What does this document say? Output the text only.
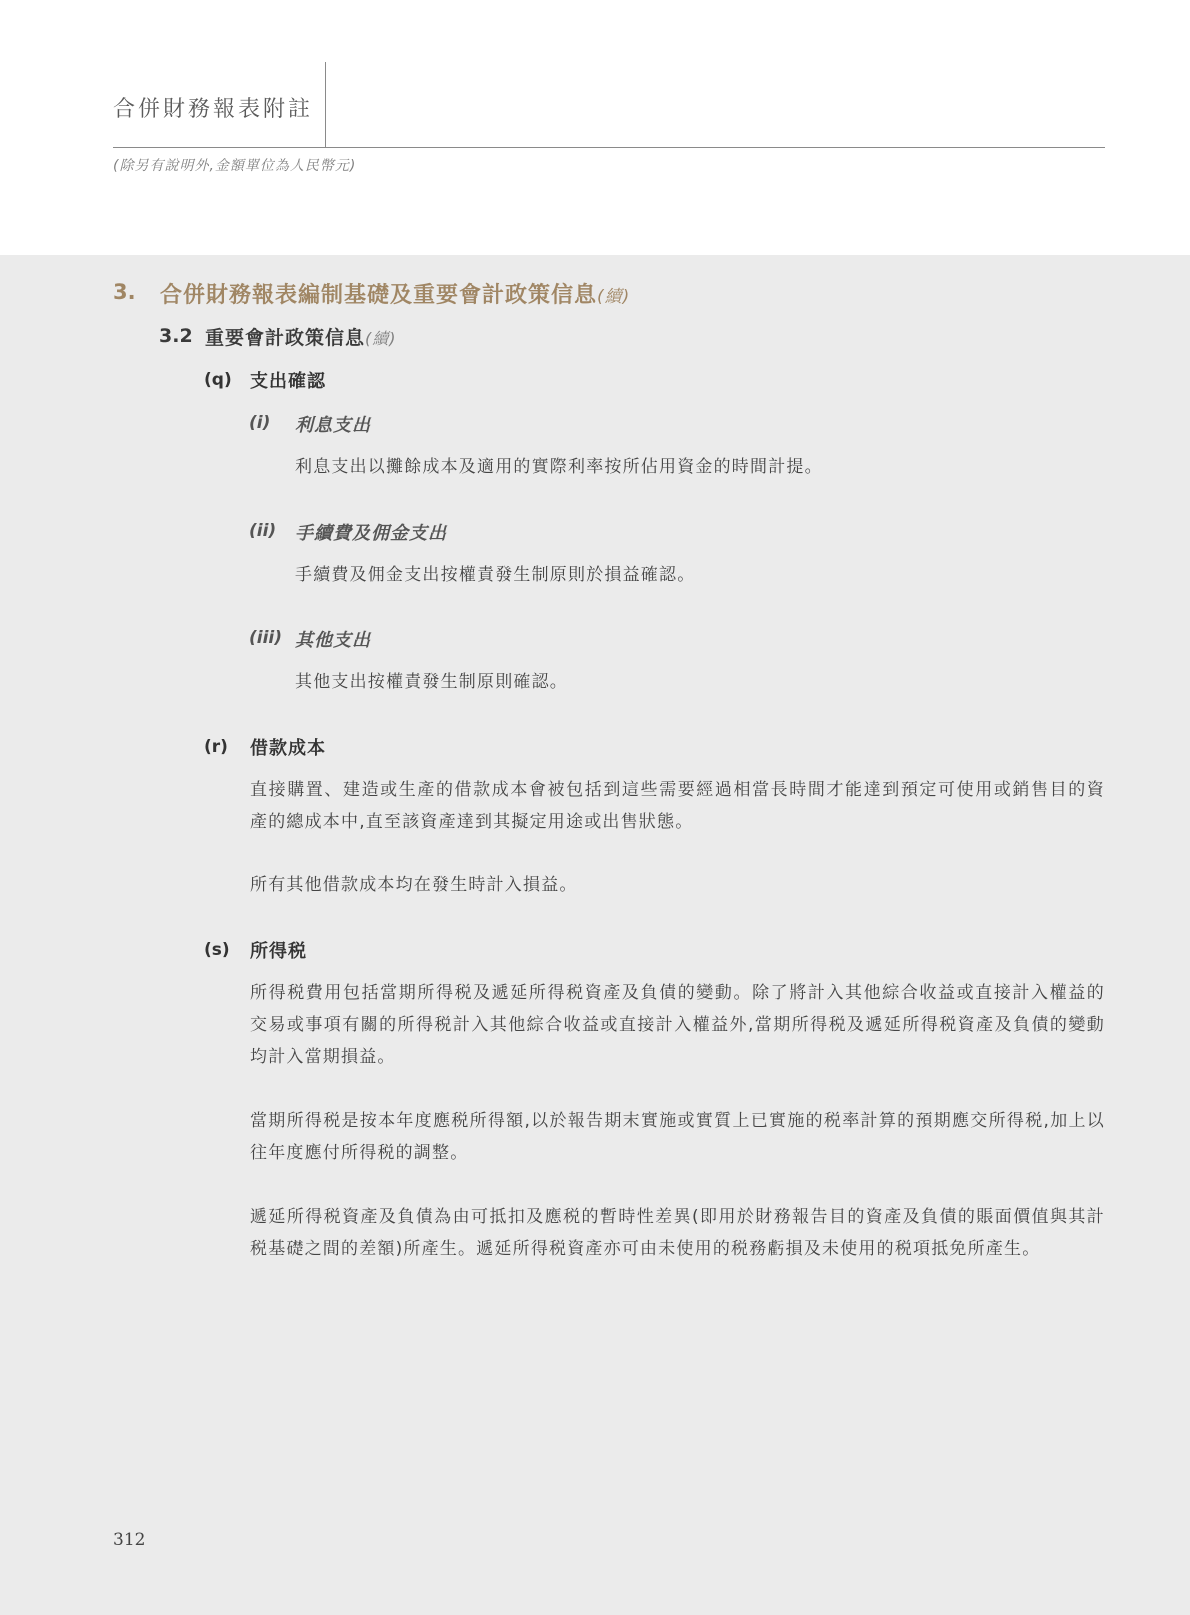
合併財務報表附註
(除另有說明外,金額單位為人民幣元)
3. 合併財務報表編制基礎及重要會計政策信息(續)
3.2 重要會計政策信息(續)
(q) 支出確認
(i) 利息支出
利息支出以攤餘成本及適用的實際利率按所佔用資金的時間計提。
(ii) 手續費及佣金支出
手續費及佣金支出按權責發生制原則於損益確認。
(iii) 其他支出
其他支出按權責發生制原則確認。
(r) 借款成本
直接購置、建造或生產的借款成本會被包括到這些需要經過相當長時間才能達到預定可使用或銷售目的資產的總成本中,直至該資產達到其擬定用途或出售狀態。
所有其他借款成本均在發生時計入損益。
(s) 所得税
所得税費用包括當期所得税及遞延所得税資產及負債的變動。除了將計入其他綜合收益或直接計入權益的交易或事項有關的所得税計入其他綜合收益或直接計入權益外,當期所得税及遞延所得税資產及負債的變動均計入當期損益。
當期所得税是按本年度應税所得額,以於報告期末實施或實質上已實施的税率計算的預期應交所得税,加上以往年度應付所得税的調整。
遞延所得税資產及負債為由可抵扣及應税的暫時性差異(即用於財務報告目的資產及負債的賬面價值與其計税基礎之間的差額)所產生。遞延所得税資產亦可由未使用的税務虧損及未使用的税項抵免所產生。
312
